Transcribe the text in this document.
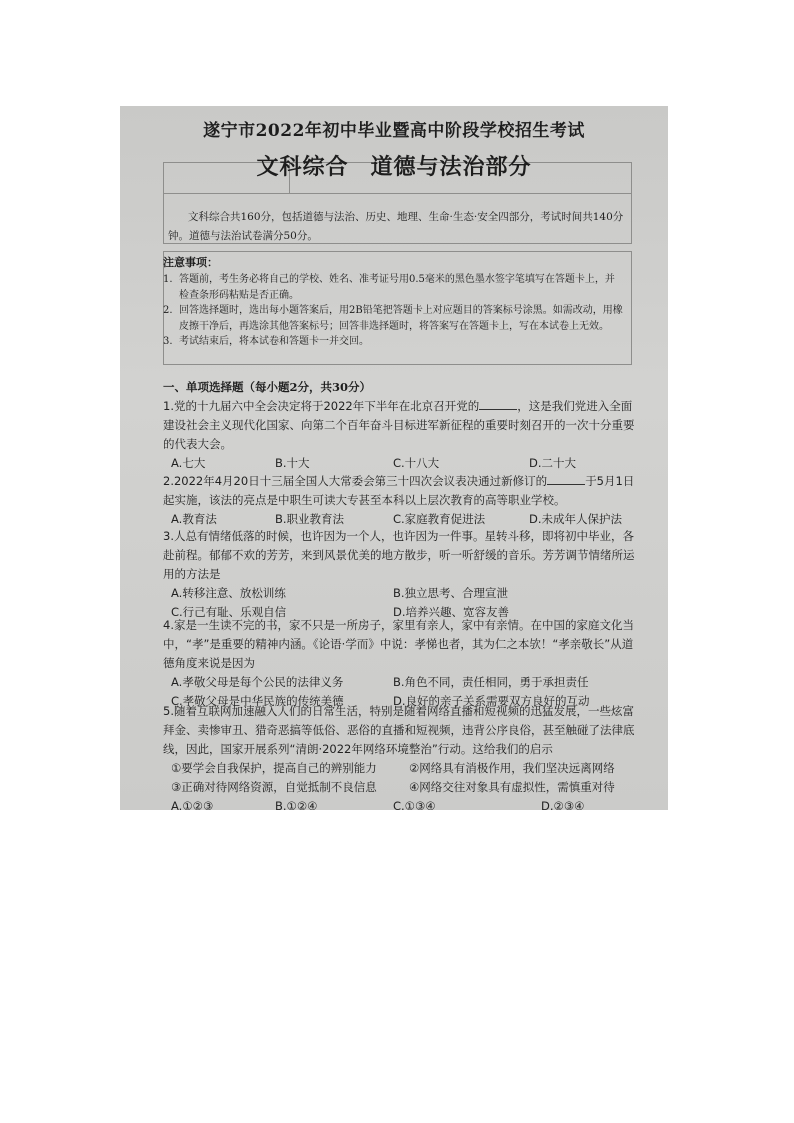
遂宁市2022年初中毕业暨高中阶段学校招生考试
文科综合 道德与法治部分
文科综合共160分，包括道德与法治、历史、地理、生命·生态·安全四部分，考试时间共140分钟。道德与法治试卷满分50分。
注意事项：
1. 答题前，考生务必将自己的学校、姓名、准考证号用0.5毫米的黑色墨水签字笔填写在答题卡上，并检查条形码粘贴是否正确。
2. 回答选择题时，选出每小题答案后，用2B铅笔把答题卡上对应题目的答案标号涂黑。如需改动，用橡皮擦干净后，再选涂其他答案标号；回答非选择题时，将答案写在答题卡上，写在本试卷上无效。
3. 考试结束后，将本试卷和答题卡一并交回。
一、单项选择题（每小题2分，共30分）
1.党的十九届六中全会决定将于2022年下半年在北京召开党的	，这是我们党进入全面建设社会主义现代化国家、向第二个百年奋斗目标进军新征程的重要时刻召开的一次十分重要的代表大会。
A.七大	B.十大	C.十八大	D.二十大
2.2022年4月20日十三届全国人大常委会第三十四次会议表决通过新修订的	于5月1日起实施，该法的亮点是中职生可读大专甚至本科以上层次教育的高等职业学校。
A.教育法	B.职业教育法	C.家庭教育促进法	D.未成年人保护法
3.人总有情绪低落的时候，也许因为一个人，也许因为一件事。星转斗移，即将初中毕业，各赴前程。郁郁不欢的芳芳，来到风景优美的地方散步，听一听舒缓的音乐。芳芳调节情绪所运用的方法是
A.转移注意、放松训练	B.独立思考、合理宣泄
C.行己有耻、乐观自信	D.培养兴趣、宽容友善
4.家是一生读不完的书，家不只是一所房子，家里有亲人，家中有亲情。在中国的家庭文化当中，“孝”是重要的精神内涵。《论语·学而》中说：孝悌也者，其为仁之本欤！“孝亲敬长”从道德角度来说是因为
A.孝敬父母是每个公民的法律义务	B.角色不同，责任相同，勇于承担责任
C.孝敬父母是中华民族的传统美德	D.良好的亲子关系需要双方良好的互动
5.随着互联网加速融入人们的日常生活，特别是随着网络直播和短视频的迅猛发展，一些炫富拜金、卖惨审丑、猎奇恶搞等低俗、恶俗的直播和短视频，违背公序良俗，甚至触碰了法律底线，因此，国家开展系列“清朗·2022年网络环境整治”行动。这给我们的启示
①要学会自我保护，提高自己的辨别能力	②网络具有消极作用，我们坚决远离网络
③正确对待网络资源，自觉抵制不良信息	④网络交往对象具有虚拟性，需慎重对待
A.①②③	B.①②④	C.①③④	D.②③④
